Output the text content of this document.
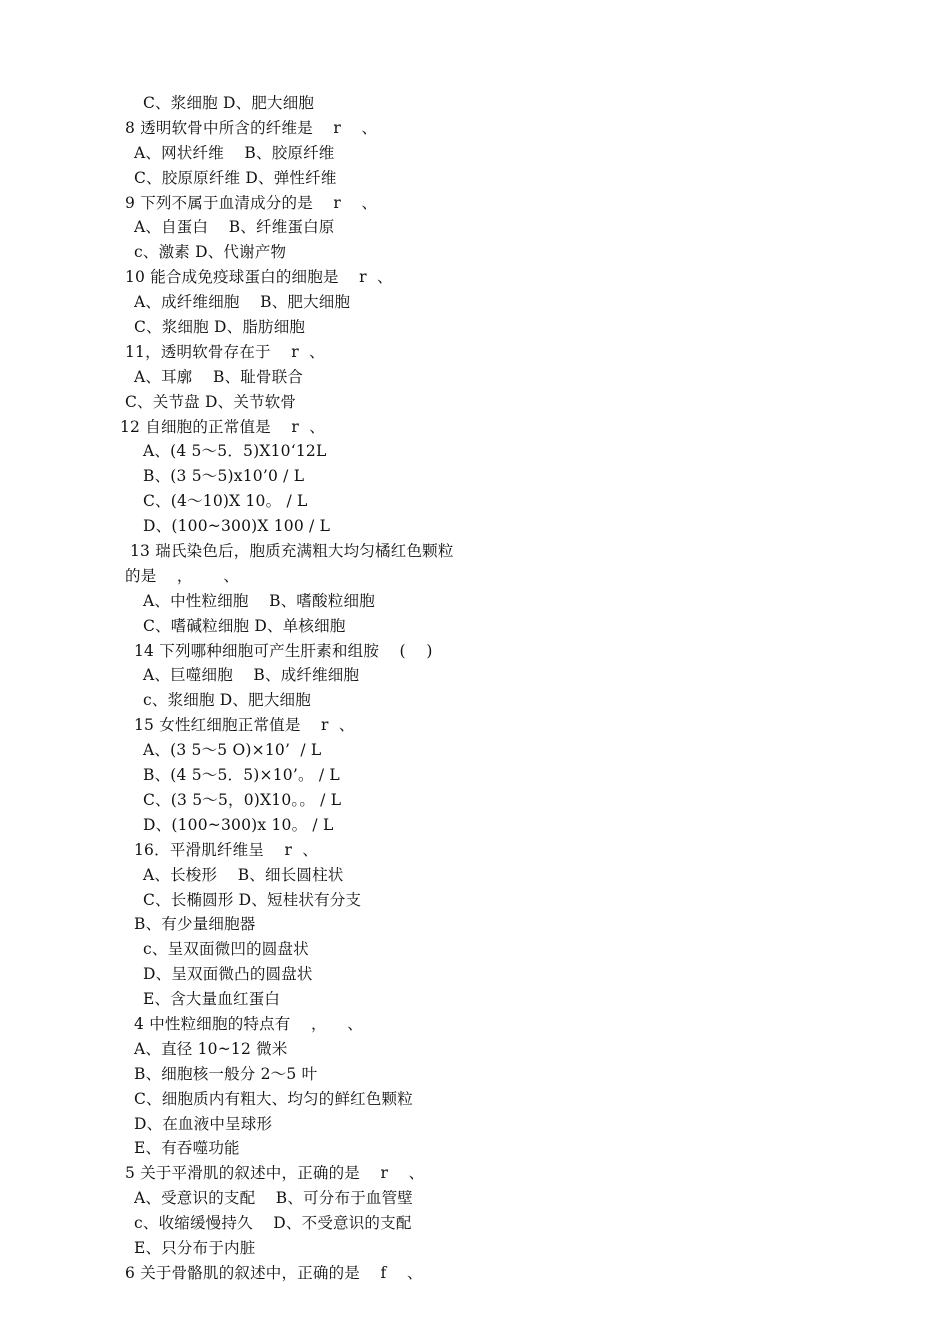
C、浆细胞 D、肥大细胞
8 透明软骨中所含的纤维是    r    、
A、网状纤维    B、胶原纤维
C、胶原原纤维 D、弹性纤维
9 下列不属于血清成分的是    r    、
A、自蛋白    B、纤维蛋白原
c、激素 D、代谢产物
10 能合成免疫球蛋白的细胞是    r  、
A、成纤维细胞    B、肥大细胞
C、浆细胞 D、脂肪细胞
11，透明软骨存在于    r  、
A、耳廓    B、耻骨联合
C、关节盘 D、关节软骨
12 自细胞的正常值是    r  、
A、(4 5～5．5)X10‘12L
B、(3 5～5)x10’0 / L
C、(4～10)X 10。 / L
D、(100~300)X 100 / L
13 瑞氏染色后，胞质充满粗大均匀橘红色颗粒
的是    ，      、
A、中性粒细胞    B、嗜酸粒细胞
C、嗜碱粒细胞 D、单核细胞
14 下列哪种细胞可产生肝素和组胺    (    )
A、巨噬细胞    B、成纤维细胞
c、浆细胞 D、肥大细胞
15 女性红细胞正常值是    r  、
A、(3 5～5 O)×10’  / L
B、(4 5～5．5)×10’。 / L
C、(3 5～5，0)X10。。 / L
D、(100~300)x 10。 / L
16．平滑肌纤维呈    r  、
A、长梭形    B、细长圆柱状
C、长椭圆形 D、短桂状有分支
B、有少量细胞器
c、呈双面微凹的圆盘状
D、呈双面微凸的圆盘状
E、含大量血红蛋白
4 中性粒细胞的特点有    ，    、
A、直径 10~12 微米
B、细胞核一般分 2～5 叶
C、细胞质内有粗大、均匀的鲜红色颗粒
D、在血液中呈球形
E、有吞噬功能
5 关于平滑肌的叙述中，正确的是    r    、
A、受意识的支配    B、可分布于血管壁
c、收缩缓慢持久    D、不受意识的支配
E、只分布于内脏
6 关于骨骼肌的叙述中，正确的是    f    、
